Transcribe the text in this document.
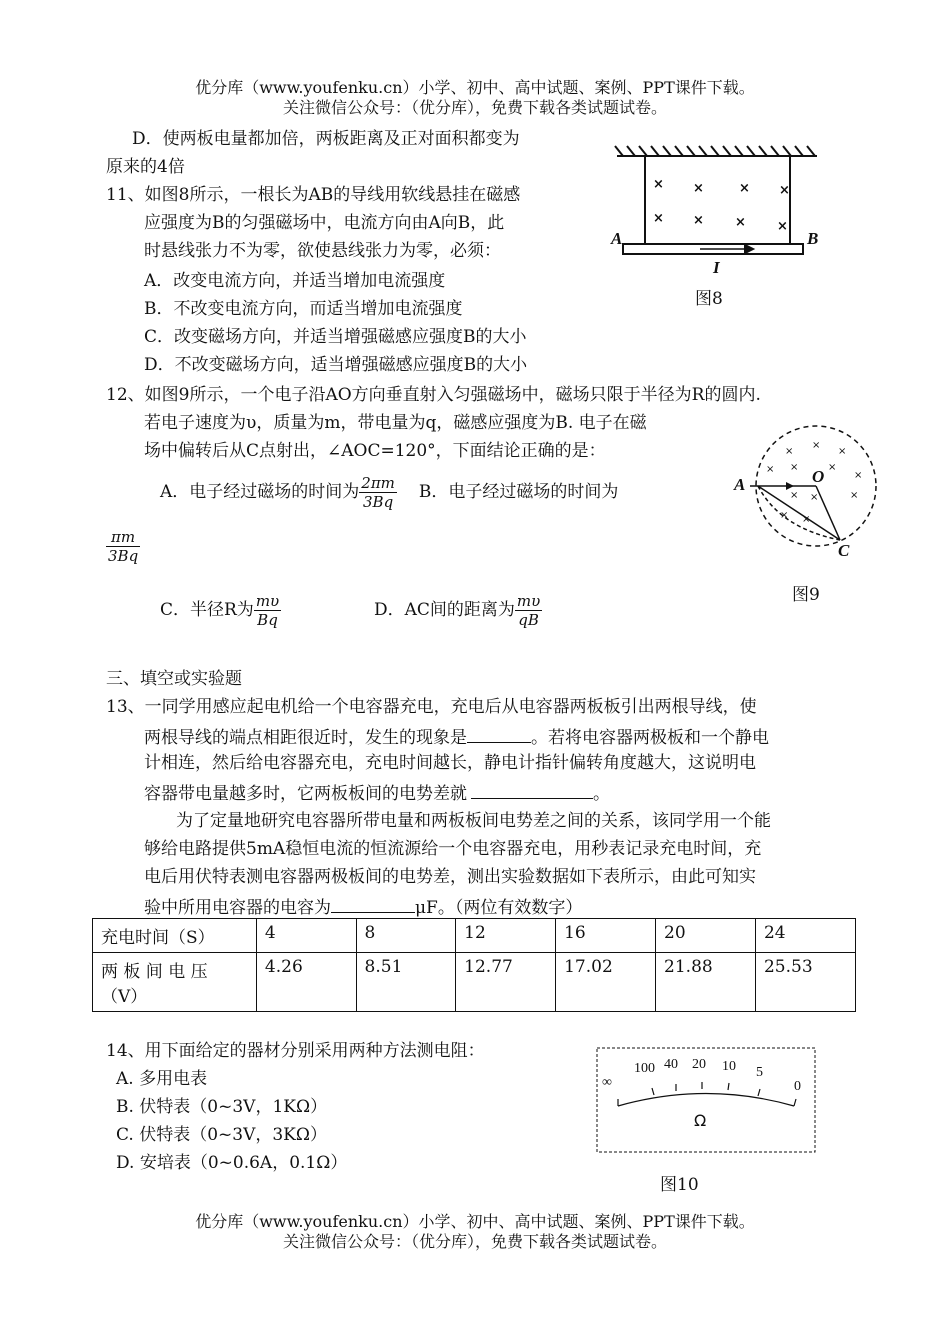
优分库（www.youfenku.cn）小学、初中、高中试题、案例、PPT课件下载。
关注微信公众号：（优分库），免费下载各类试题试卷。
D．使两板电量都加倍，两板距离及正对面积都变为
原来的4倍
11、如图8所示，一根长为AB的导线用软线悬挂在磁感
应强度为B的匀强磁场中，电流方向由A向B，此
时悬线张力不为零，欲使悬线张力为零，必须：
A．改变电流方向，并适当增加电流强度
B．不改变电流方向，而适当增加电流强度
C．改变磁场方向，并适当增强磁感应强度B的大小
D．不改变磁场方向，适当增强磁感应强度B的大小
× ×	× ×
× × × ×
A	B
I
图8
12、如图9所示，一个电子沿AO方向垂直射入匀强磁场中，磁场只限于半径为R的圆内.
若电子速度为υ，质量为m，带电量为q，磁感应强度为B. 电子在磁
场中偏转后从C点射出，∠AOC=120°，下面结论正确的是：
A．电子经过磁场的时间为 $\frac{2\pi m}{3Bq}$ B．电子经过磁场的时间为
$\frac{\pi m}{3Bq}$
C．半径R为 $\frac{m\upsilon}{Bq}$	D．AC间的距离为 $\frac{m\upsilon}{qB}$
×
×
×
× ×	×
×
× ×	×
× ×
A	O
C
图9
三、填空或实验题
13、一同学用感应起电机给一个电容器充电，充电后从电容器两板板引出两根导线，使
两根导线的端点相距很近时，发生的现象是	。若将电容器两极板和一个静电
计相连，然后给电容器充电，充电时间越长，静电计指针偏转角度越大，这说明电
容器带电量越多时，它两板板间的电势差就	。
为了定量地研究电容器所带电量和两板板间电势差之间的关系，该同学用一个能
够给电路提供5mA稳恒电流的恒流源给一个电容器充电，用秒表记录充电时间，充
电后用伏特表测电容器两极板间的电势差，测出实验数据如下表所示，由此可知实
验中所用电容器的电容为	μF。（两位有效数字）
充电时间（S）	4	8	12	16	20	24

两 板 间 电 压
（V）	4.26	8.51	12.77	17.02	21.88	25.53
14、用下面给定的器材分别采用两种方法测电阻：
A. 多用电表
B. 伏特表（0~3V，1KΩ）
C. 伏特表（0~3V，3KΩ）
D. 安培表（0~0.6A，0.1Ω）
∞
100 40 20 10 5
0
Ω
图10
优分库（www.youfenku.cn）小学、初中、高中试题、案例、PPT课件下载。
关注微信公众号：（优分库），免费下载各类试题试卷。
